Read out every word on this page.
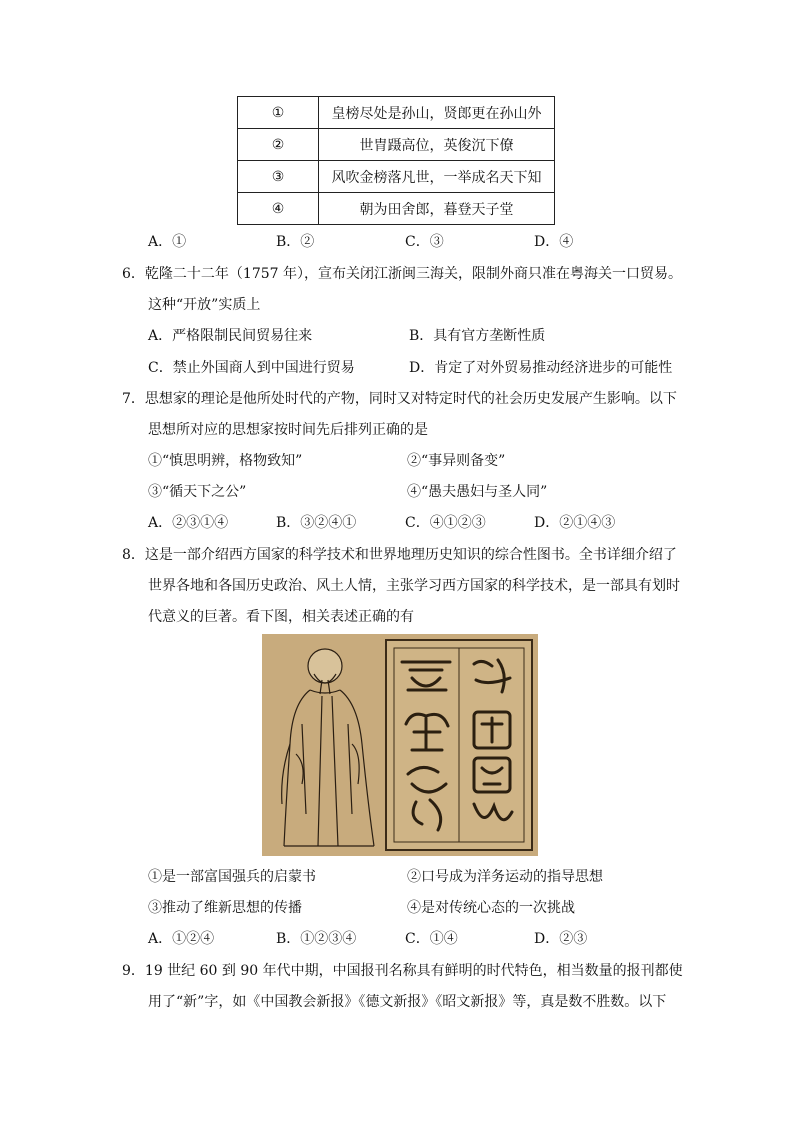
①	皇榜尽处是孙山，贤郎更在孙山外
②	世胄蹑高位，英俊沉下僚
③	风吹金榜落凡世，一举成名天下知
④	朝为田舍郎，暮登天子堂
A．①	B．②	C．③	D．④
6．乾隆二十二年（1757 年），宣布关闭江浙闽三海关，限制外商只准在粤海关一口贸易。
这种“开放”实质上
A．严格限制民间贸易往来	B．具有官方垄断性质
C．禁止外国商人到中国进行贸易	D．肯定了对外贸易推动经济进步的可能性
7．思想家的理论是他所处时代的产物，同时又对特定时代的社会历史发展产生影响。以下
思想所对应的思想家按时间先后排列正确的是
①“慎思明辨，格物致知”	②“事异则备变”
③“循天下之公”	④“愚夫愚妇与圣人同”
A．②③①④	B．③②④①	C．④①②③	D．②①④③
8．这是一部介绍西方国家的科学技术和世界地理历史知识的综合性图书。全书详细介绍了
世界各地和各国历史政治、风土人情，主张学习西方国家的科学技术，是一部具有划时
代意义的巨著。看下图，相关表述正确的有
①是一部富国强兵的启蒙书	②口号成为洋务运动的指导思想
③推动了维新思想的传播	④是对传统心态的一次挑战
A．①②④	B．①②③④	C．①④	D．②③
9．19 世纪 60 到 90 年代中期，中国报刊名称具有鲜明的时代特色，相当数量的报刊都使
用了“新”字，如《中国教会新报》《德文新报》《昭文新报》等，真是数不胜数。以下
